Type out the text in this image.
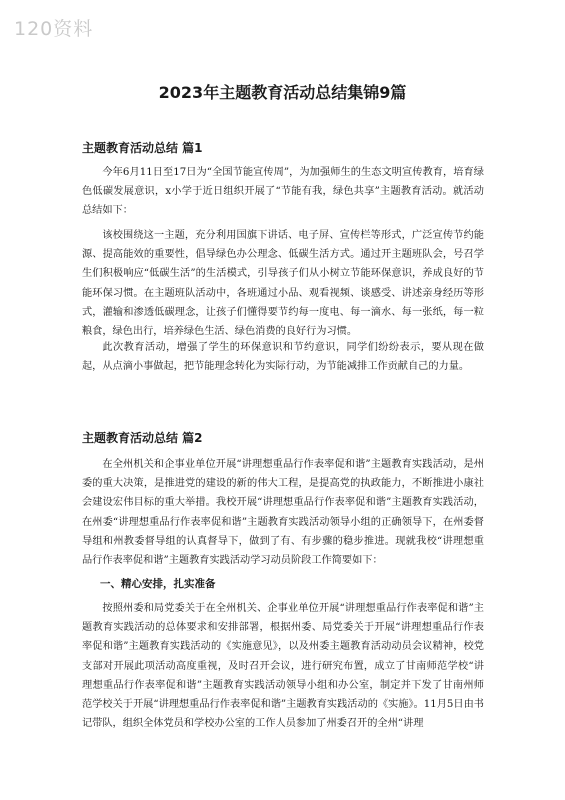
120资料
2023年主题教育活动总结集锦9篇
主题教育活动总结 篇1

今年6月11日至17日为“全国节能宣传周”，为加强师生的生态文明宣传教育，培育绿色低碳发展意识，x小学于近日组织开展了“节能有我，绿色共享”主题教育活动。就活动总结如下：

该校围绕这一主题，充分利用国旗下讲话、电子屏、宣传栏等形式，广泛宣传节约能源、提高能效的重要性，倡导绿色办公理念、低碳生活方式。通过开主题班队会，号召学生们积极响应“低碳生活”的生活模式，引导孩子们从小树立节能环保意识，养成良好的节能环保习惯。在主题班队活动中，各班通过小品、观看视频、谈感受、讲述亲身经历等形式，灌输和渗透低碳理念，让孩子们懂得要节约每一度电、每一滴水、每一张纸，每一粒粮食，绿色出行，培养绿色生活、绿色消费的良好行为习惯。

此次教育活动，增强了学生的环保意识和节约意识，同学们纷纷表示，要从现在做起，从点滴小事做起，把节能理念转化为实际行动，为节能减排工作贡献自己的力量。

主题教育活动总结 篇2

在全州机关和企事业单位开展“讲理想重品行作表率促和谐”主题教育实践活动，是州委的重大决策，是推进党的建设的新的伟大工程，是提高党的执政能力，不断推进小康社会建设宏伟目标的重大举措。我校开展“讲理想重品行作表率促和谐”主题教育实践活动，在州委“讲理想重品行作表率促和谐”主题教育实践活动领导小组的正确领导下，在州委督导组和州教委督导组的认真督导下，做到了有、有步骤的稳步推进。现就我校“讲理想重品行作表率促和谐”主题教育实践活动学习动员阶段工作简要如下：

一、精心安排，扎实准备

按照州委和局党委关于在全州机关、企事业单位开展“讲理想重品行作表率促和谐”主题教育实践活动的总体要求和安排部署，根据州委、局党委关于开展“讲理想重品行作表率促和谐”主题教育实践活动的《实施意见》，以及州委主题教育活动动员会议精神，校党支部对开展此项活动高度重视，及时召开会议，进行研究布置，成立了甘南师范学校“讲理想重品行作表率促和谐”主题教育实践活动领导小组和办公室，制定并下发了甘南州师范学校关于开展“讲理想重品行作表率促和谐”主题教育实践活动的《实施》。11月5日由书记带队，组织全体党员和学校办公室的工作人员参加了州委召开的全州“讲理
